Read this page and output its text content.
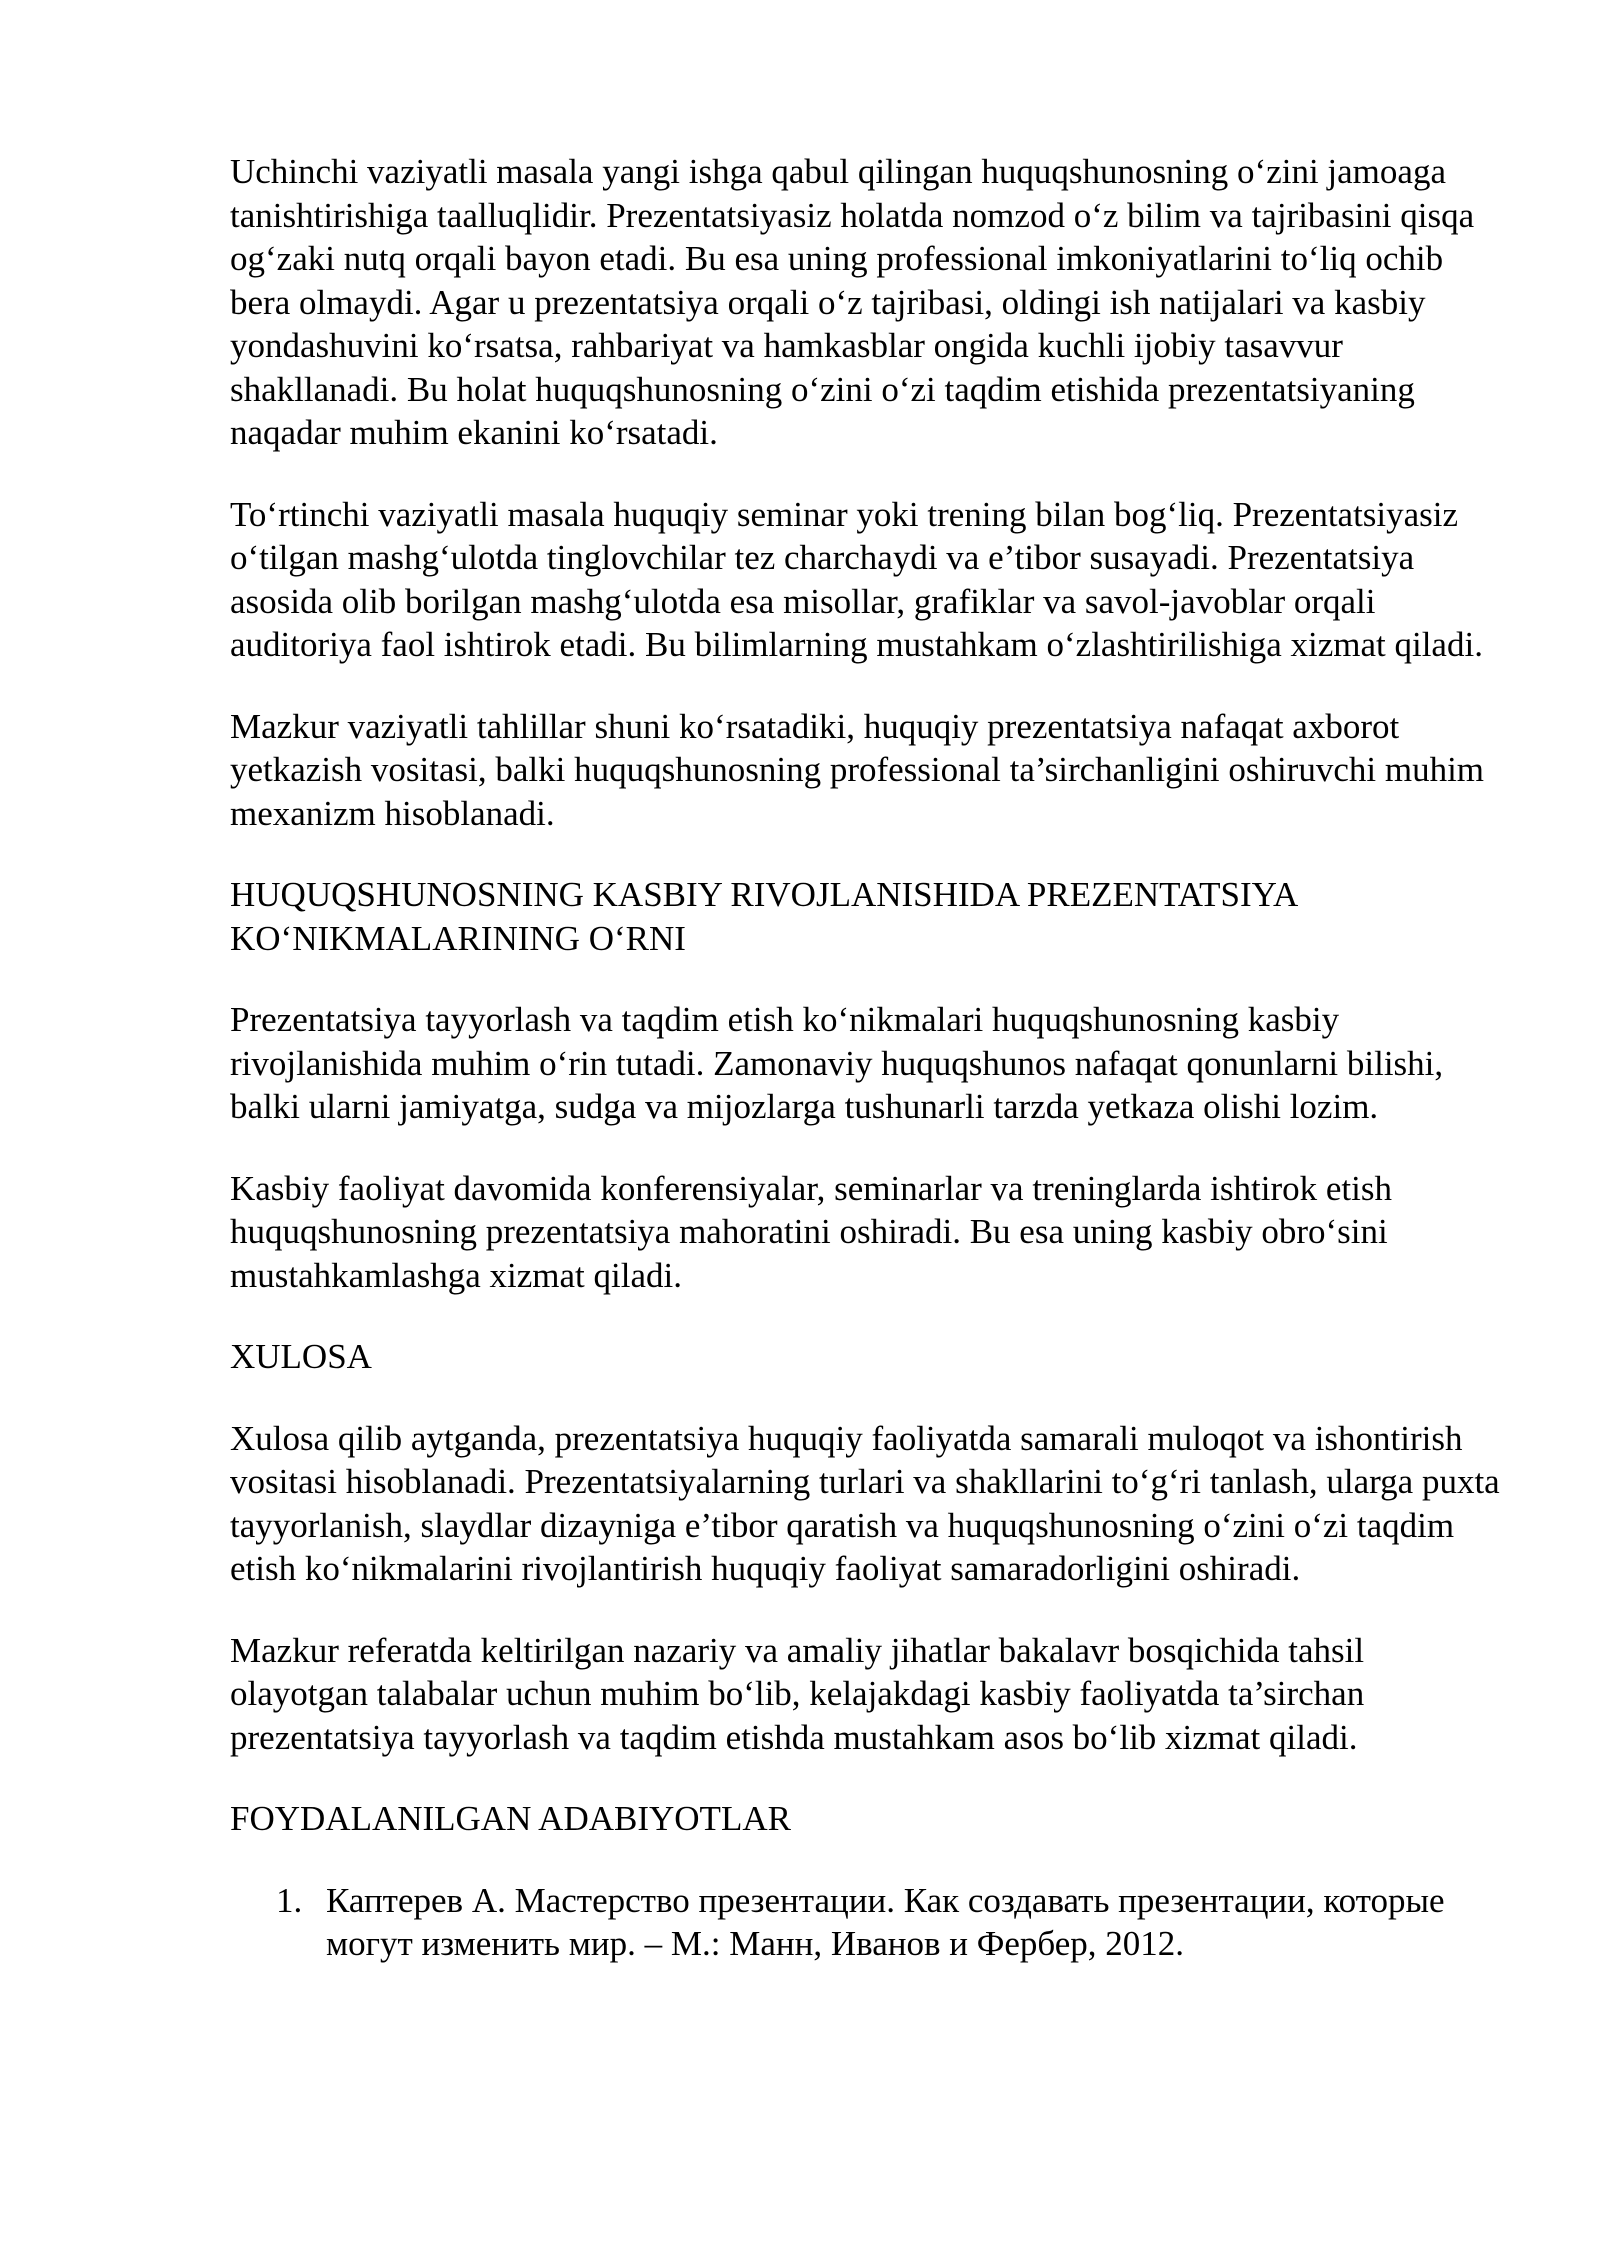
Uchinchi vaziyatli masala yangi ishga qabul qilingan huquqshunosning o‘zini jamoaga tanishtirishiga taalluqlidir. Prezentatsiyasiz holatda nomzod o‘z bilim va tajribasini qisqa og‘zaki nutq orqali bayon etadi. Bu esa uning professional imkoniyatlarini to‘liq ochib bera olmaydi. Agar u prezentatsiya orqali o‘z tajribasi, oldingi ish natijalari va kasbiy yondashuvini ko‘rsatsa, rahbariyat va hamkasblar ongida kuchli ijobiy tasavvur shakllanadi. Bu holat huquqshunosning o‘zini o‘zi taqdim etishida prezentatsiyaning naqadar muhim ekanini ko‘rsatadi.

To‘rtinchi vaziyatli masala huquqiy seminar yoki trening bilan bog‘liq. Prezentatsiyasiz o‘tilgan mashg‘ulotda tinglovchilar tez charchaydi va e’tibor susayadi. Prezentatsiya asosida olib borilgan mashg‘ulotda esa misollar, grafiklar va savol-javoblar orqali auditoriya faol ishtirok etadi. Bu bilimlarning mustahkam o‘zlashtirilishiga xizmat qiladi.

Mazkur vaziyatli tahlillar shuni ko‘rsatadiki, huquqiy prezentatsiya nafaqat axborot yetkazish vositasi, balki huquqshunosning professional ta’sirchanligini oshiruvchi muhim mexanizm hisoblanadi.

HUQUQSHUNOSNING KASBIY RIVOJLANISHIDA PREZENTATSIYA KO‘NIKMALARINING O‘RNI

Prezentatsiya tayyorlash va taqdim etish ko‘nikmalari huquqshunosning kasbiy rivojlanishida muhim o‘rin tutadi. Zamonaviy huquqshunos nafaqat qonunlarni bilishi, balki ularni jamiyatga, sudga va mijozlarga tushunarli tarzda yetkaza olishi lozim.

Kasbiy faoliyat davomida konferensiyalar, seminarlar va treninglarda ishtirok etish huquqshunosning prezentatsiya mahoratini oshiradi. Bu esa uning kasbiy obro‘sini mustahkamlashga xizmat qiladi.

XULOSA

Xulosa qilib aytganda, prezentatsiya huquqiy faoliyatda samarali muloqot va ishontirish vositasi hisoblanadi. Prezentatsiyalarning turlari va shakllarini to‘g‘ri tanlash, ularga puxta tayyorlanish, slaydlar dizayniga e’tibor qaratish va huquqshunosning o‘zini o‘zi taqdim etish ko‘nikmalarini rivojlantirish huquqiy faoliyat samaradorligini oshiradi.

Mazkur referatda keltirilgan nazariy va amaliy jihatlar bakalavr bosqichida tahsil olayotgan talabalar uchun muhim bo‘lib, kelajakdagi kasbiy faoliyatda ta’sirchan prezentatsiya tayyorlash va taqdim etishda mustahkam asos bo‘lib xizmat qiladi.

FOYDALANILGAN ADABIYOTLAR

1. Каптерев А. Мастерство презентации. Как создавать презентации, которые могут изменить мир. – М.: Манн, Иванов и Фербер, 2012.
